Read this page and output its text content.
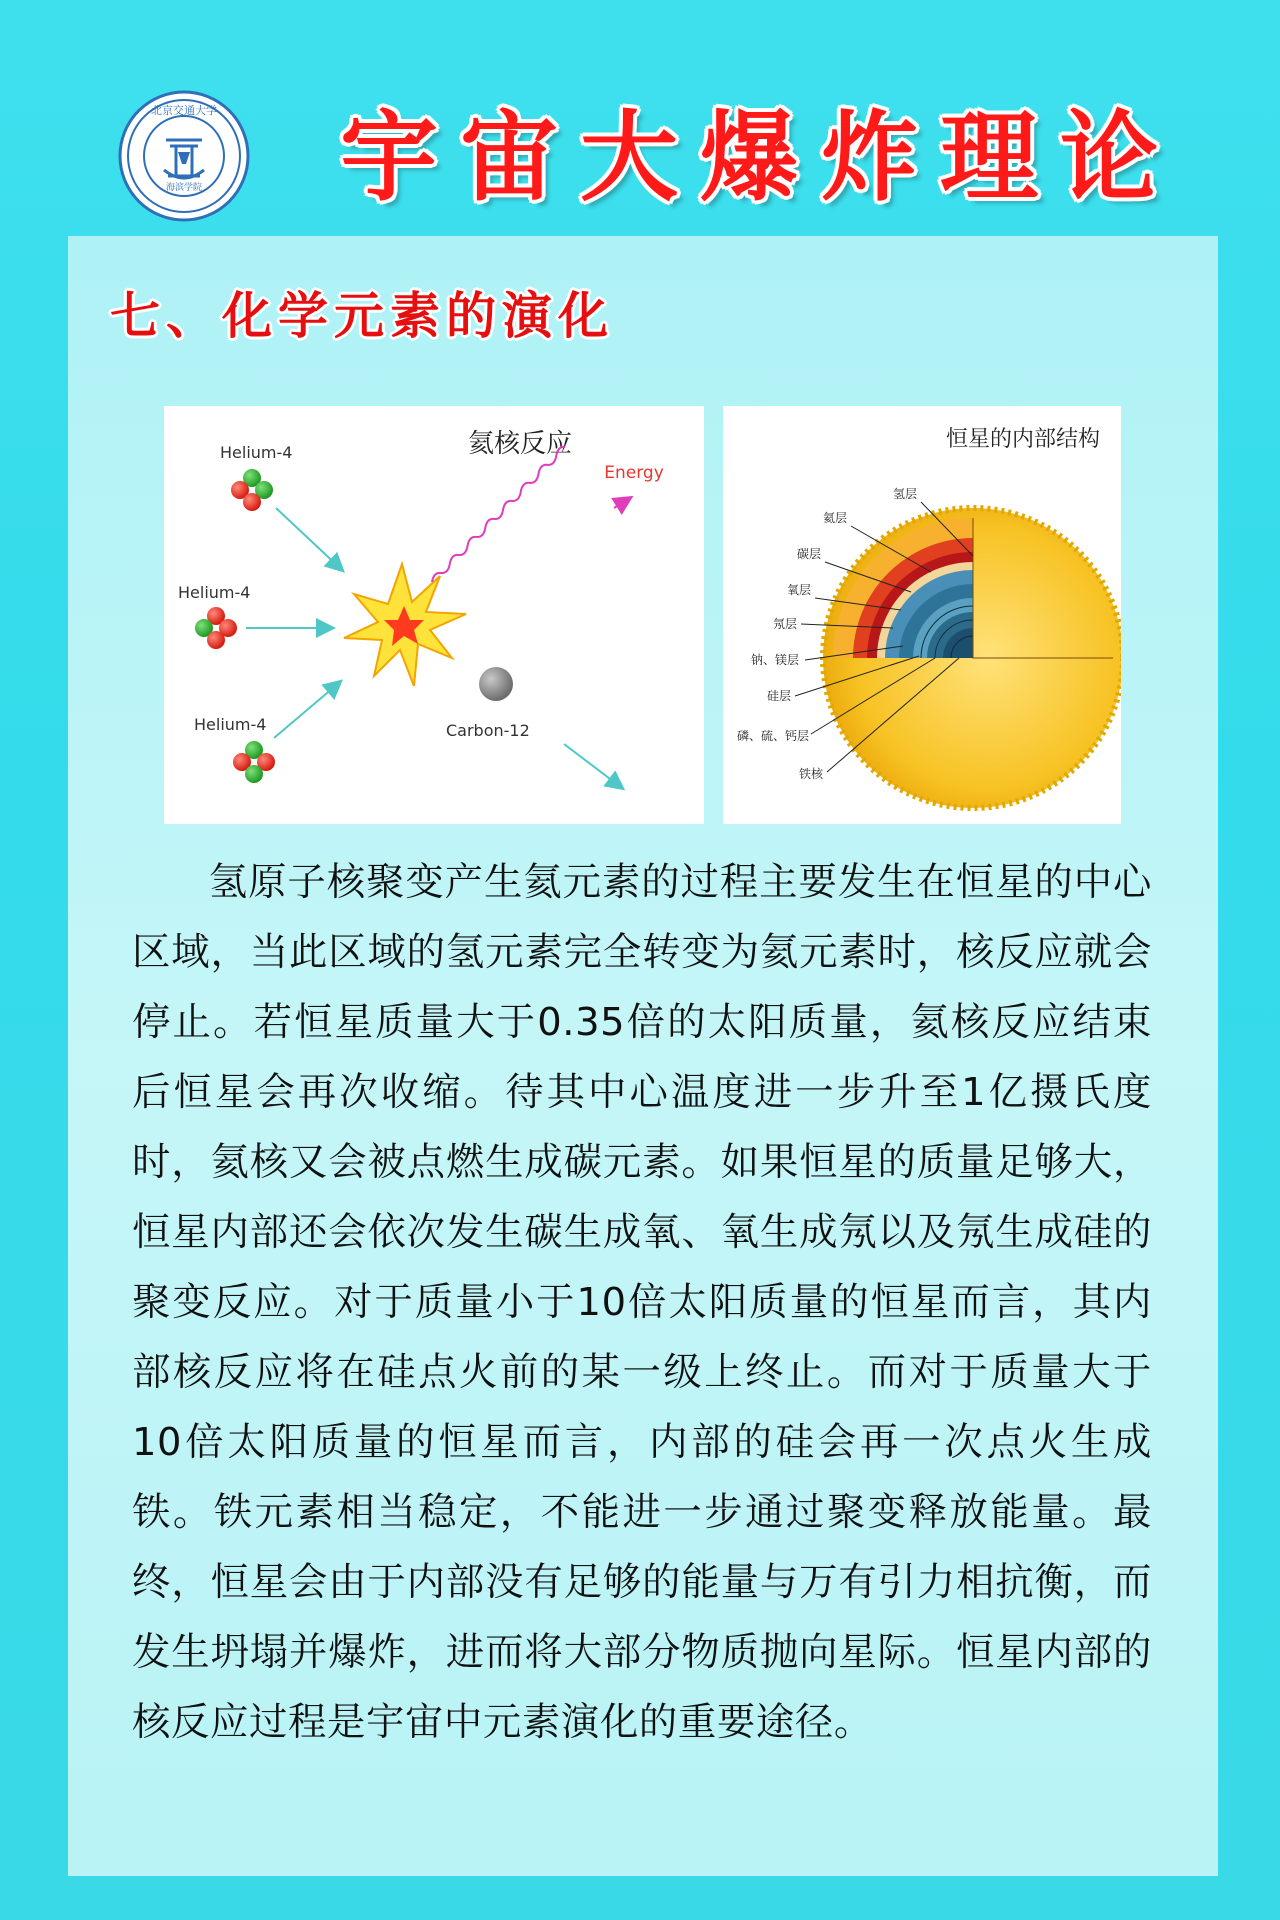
北京交通大学
海滨学院 宇宙大爆炸理论
七、化学元素的演化
氦核反应
Helium-4
Helium-4
Helium-4
Energy
Carbon-12
恒星的内部结构
氢层
氦层
碳层
氧层
氖层
钠、镁层
硅层
磷、硫、钙层
铁核

氢原子核聚变产生氦元素的过程主要发生在恒星的中心区域，当此区域的氢元素完全转变为氦元素时，核反应就会停止。若恒星质量大于0.35倍的太阳质量，氦核反应结束后恒星会再次收缩。待其中心温度进一步升至1亿摄氏度时，氦核又会被点燃生成碳元素。如果恒星的质量足够大，恒星内部还会依次发生碳生成氧、氧生成氖以及氖生成硅的聚变反应。对于质量小于10倍太阳质量的恒星而言，其内部核反应将在硅点火前的某一级上终止。而对于质量大于10倍太阳质量的恒星而言，内部的硅会再一次点火生成铁。铁元素相当稳定，不能进一步通过聚变释放能量。最终，恒星会由于内部没有足够的能量与万有引力相抗衡，而发生坍塌并爆炸，进而将大部分物质抛向星际。恒星内部的核反应过程是宇宙中元素演化的重要途径。
